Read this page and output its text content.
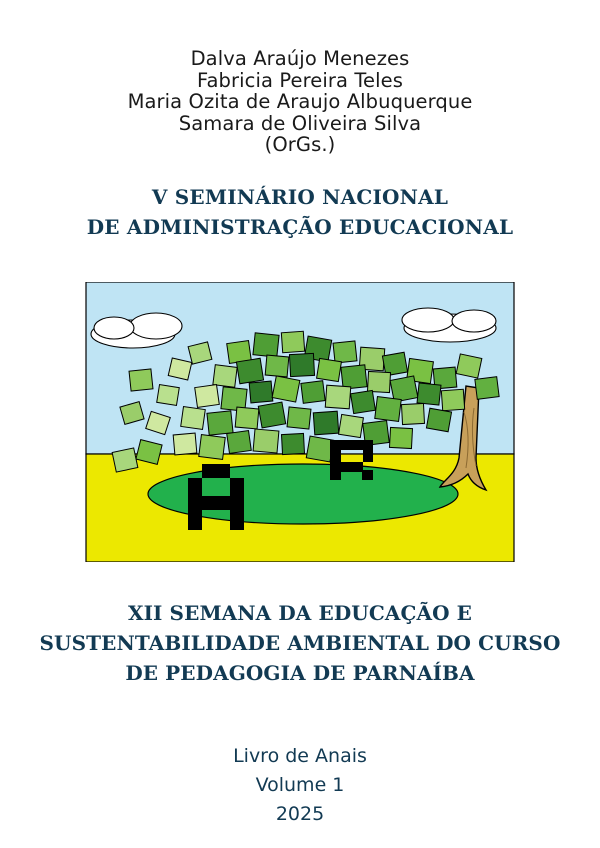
Dalva Araújo Menezes
Fabricia Pereira Teles
Maria Ozita de Araujo Albuquerque
Samara de Oliveira Silva
(OrGs.)
V SEMINÁRIO NACIONAL
DE ADMINISTRAÇÃO EDUCACIONAL
XII SEMANA DA EDUCAÇÃO E
SUSTENTABILIDADE AMBIENTAL DO CURSO
DE PEDAGOGIA DE PARNAÍBA
Livro de Anais
Volume 1
2025
